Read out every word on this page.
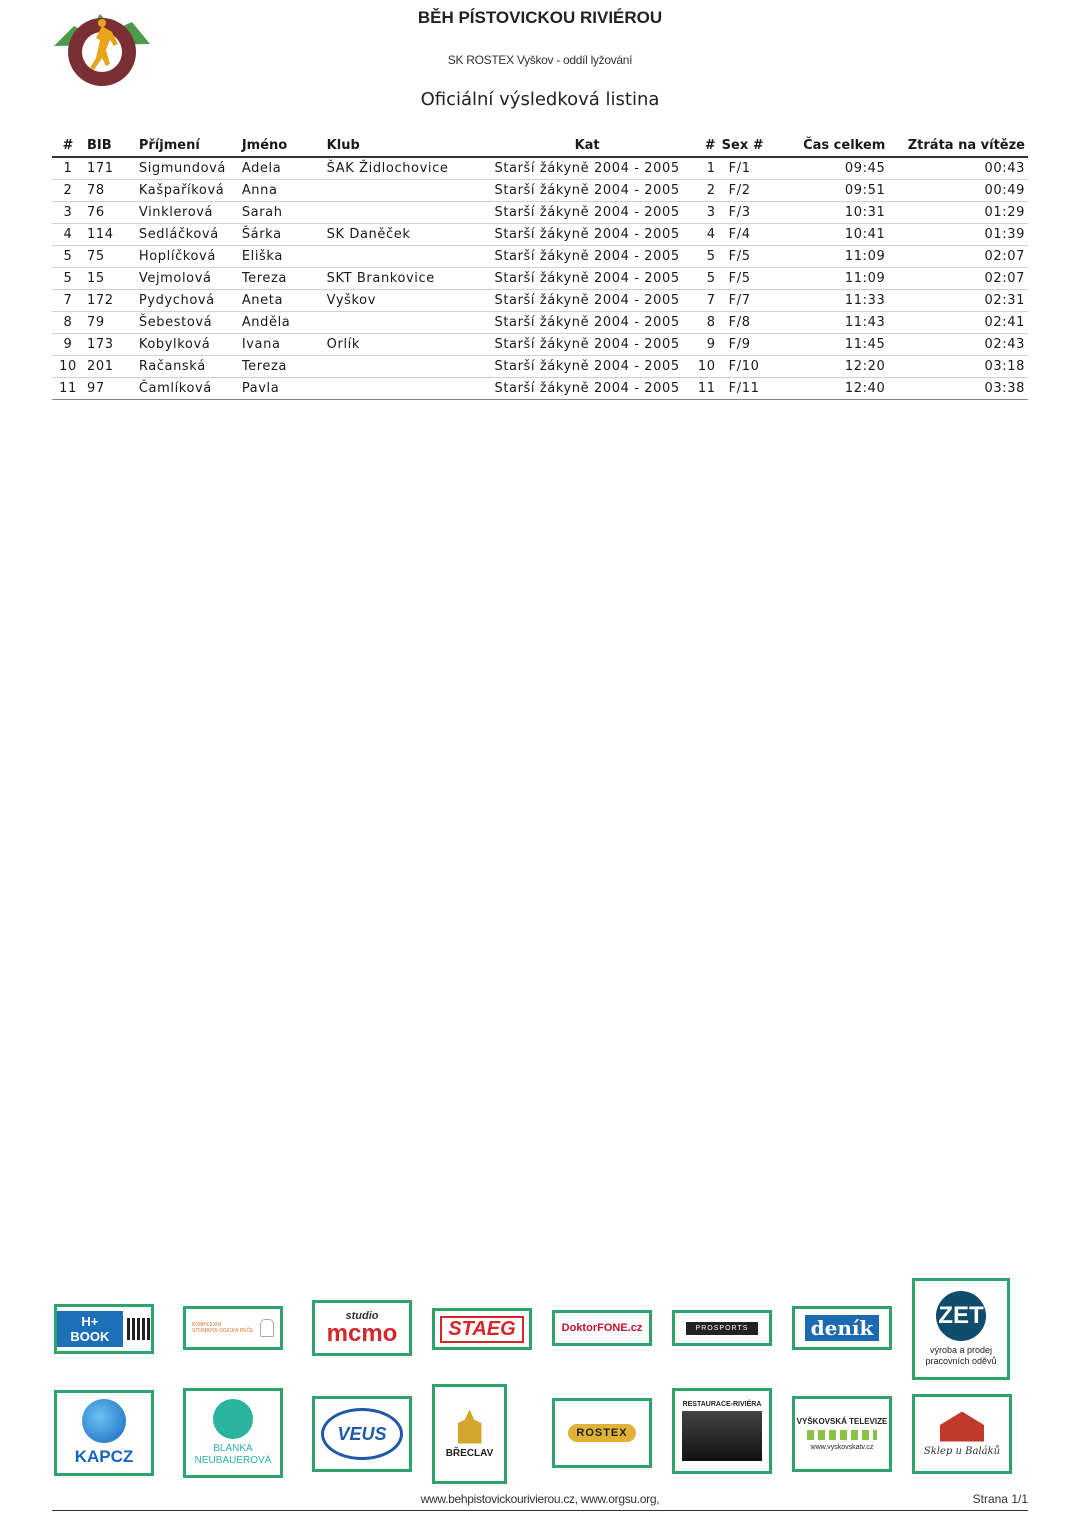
BĚH PÍSTOVICKOU RIVIÉROU
SK ROSTEX Vyškov - oddíl lyžování
Oficiální výsledková listina
#	BIB	Příjmení	Jméno	Klub	Kat	#	Sex #	Čas celkem	Ztráta na vítěze
1	171	Sigmundová	Adela	ŠAK Židlochovice	Starší žákyně 2004 - 2005	1	F/1	09:45	00:43
2	78	Kašpaříková	Anna		Starší žákyně 2004 - 2005	2	F/2	09:51	00:49
3	76	Vinklerová	Sarah		Starší žákyně 2004 - 2005	3	F/3	10:31	01:29
4	114	Sedláčková	Šárka	SK Daněček	Starší žákyně 2004 - 2005	4	F/4	10:41	01:39
5	75	Hoplíčková	Eliška		Starší žákyně 2004 - 2005	5	F/5	11:09	02:07
5	15	Vejmolová	Tereza	SKT Brankovice	Starší žákyně 2004 - 2005	5	F/5	11:09	02:07
7	172	Pydychová	Aneta	Vyškov	Starší žákyně 2004 - 2005	7	F/7	11:33	02:31
8	79	Šebestová	Anděla		Starší žákyně 2004 - 2005	8	F/8	11:43	02:41
9	173	Kobylková	Ivana	Orlík	Starší žákyně 2004 - 2005	9	F/9	11:45	02:43
10	201	Račanská	Tereza		Starší žákyně 2004 - 2005	10	F/10	12:20	03:18
11	97	Čamlíková	Pavla		Starší žákyně 2004 - 2005	11	F/11	12:40	03:38
H+ BOOK
KOMPLEXNÍ STOMATOLOGICKÁ PÉČE
studio
mcmo	STAEG	DoktorFONE.cz	PROSPORTS	deník	ZET
výroba a prodej pracovních oděvů
KAPCZ	BLANKA NEUBAUEROVÁ
VEUS
BŘECLAV
ROSTEX
RESTAURACE-RIVIÉRA
VYŠKOVSKÁ TELEVIZE
www.vyskovskatv.cz	Sklep u Baláků
www.behpistovickourivierou.cz, www.orgsu.org,	Strana 1/1
